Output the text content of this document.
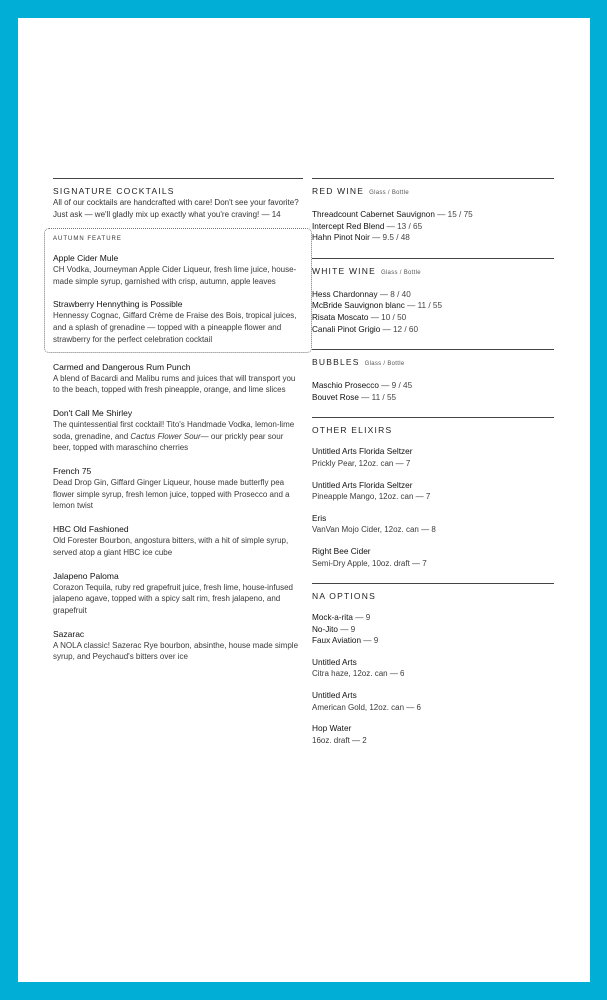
SIGNATURE COCKTAILS
All of our cocktails are handcrafted with care! Don't see your favorite? Just ask — we'll gladly mix up exactly what you're craving! — 14
AUTUMN FEATURE
Apple Cider Mule
CH Vodka, Journeyman Apple Cider Liqueur, fresh lime juice, house-made simple syrup, garnished with crisp, autumn, apple leaves
Strawberry Hennything is Possible
Hennessy Cognac, Giffard Crème de Fraise des Bois, tropical juices, and a splash of grenadine — topped with a pineapple flower and strawberry for the perfect celebration cocktail
Carmed and Dangerous Rum Punch
A blend of Bacardi and Malibu rums and juices that will transport you to the beach, topped with fresh pineapple, orange, and lime slices
Don't Call Me Shirley
The quintessential first cocktail! Tito's Handmade Vodka, lemon-lime soda, grenadine, and Cactus Flower Sour— our prickly pear sour beer, topped with maraschino cherries
French 75
Dead Drop Gin, Giffard Ginger Liqueur, house made butterfly pea flower simple syrup, fresh lemon juice, topped with Prosecco and a lemon twist
HBC Old Fashioned
Old Forester Bourbon, angostura bitters, with a hit of simple syrup, served atop a giant HBC ice cube
Jalapeno Paloma
Corazon Tequila, ruby red grapefruit juice, fresh lime, house-infused jalapeno agave, topped with a spicy salt rim, fresh jalapeno, and grapefruit
Sazarac
A NOLA classic! Sazerac Rye bourbon, absinthe, house made simple syrup, and Peychaud's bitters over ice
RED WINE Glass / Bottle
Threadcount Cabernet Sauvignon — 15 / 75
Intercept Red Blend — 13 / 65
Hahn Pinot Noir — 9.5 / 48
WHITE WINE Glass / Bottle
Hess Chardonnay — 8 / 40
McBride Sauvignon blanc — 11 / 55
Risata Moscato — 10 / 50
Canali Pinot Grigio — 12 / 60
BUBBLES Glass / Bottle
Maschio Prosecco — 9 / 45
Bouvet Rose — 11 / 55
OTHER ELIXIRS
Untitled Arts Florida Seltzer
Prickly Pear, 12oz. can — 7
Untitled Arts Florida Seltzer
Pineapple Mango, 12oz. can — 7
Eris
VanVan Mojo Cider, 12oz. can — 8
Right Bee Cider
Semi-Dry Apple, 10oz. draft — 7
NA OPTIONS
Mock-a-rita — 9
No-Jito — 9
Faux Aviation — 9
Untitled Arts
Citra haze, 12oz. can — 6
Untitled Arts
American Gold, 12oz. can — 6
Hop Water
16oz. draft — 2
